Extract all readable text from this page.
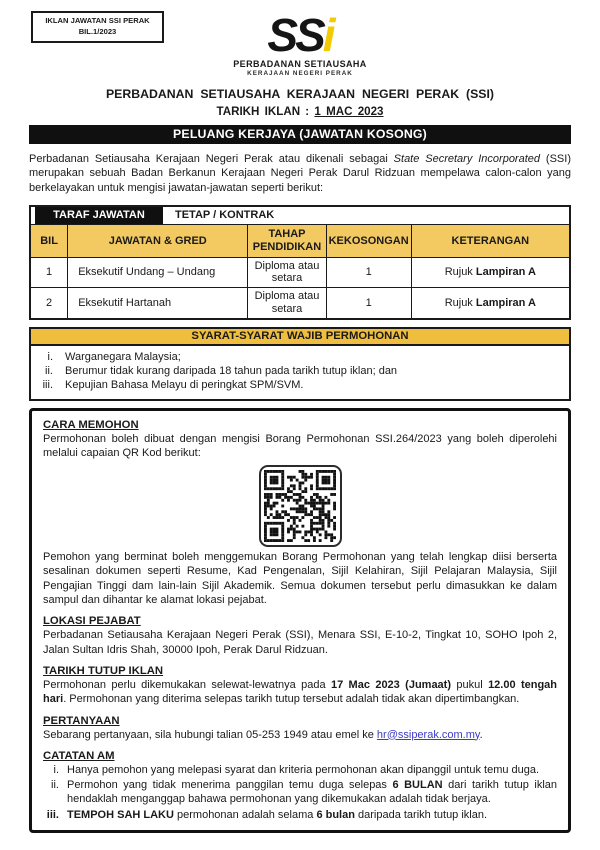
IKLAN JAWATAN SSI PERAK
BIL.1/2023	SSi
PERBADANAN SETIAUSAHA
KERAJAAN NEGERI PERAK
PERBADANAN SETIAUSAHA KERAJAAN NEGERI PERAK (SSI)
TARIKH IKLAN : 1 MAC 2023
PELUANG KERJAYA (JAWATAN KOSONG)
Perbadanan Setiausaha Kerajaan Negeri Perak atau dikenali sebagai State Secretary Incorporated (SSI) merupakan sebuah Badan Berkanun Kerajaan Negeri Perak Darul Ridzuan mempelawa calon-calon yang berkelayakan untuk mengisi jawatan-jawatan seperti berikut:
TARAF JAWATAN TETAP / KONTRAK				

BIL	JAWATAN & GRED	TAHAP PENDIDIKAN	KEKOSONGAN	KETERANGAN
1	Eksekutif Undang – Undang	Diploma atau setara	1	Rujuk Lampiran A
2	Eksekutif Hartanah	Diploma atau setara	1	Rujuk Lampiran A
SYARAT-SYARAT WAJIB PERMOHONAN
i.	Warganegara Malaysia;
ii.	Berumur tidak kurang daripada 18 tahun pada tarikh tutup iklan; dan
iii.	Kepujian Bahasa Melayu di peringkat SPM/SVM.
CARA MEMOHON
Permohonan boleh dibuat dengan mengisi Borang Permohonan SSI.264/2023 yang boleh diperolehi melalui capaian QR Kod berikut:
Pemohon yang berminat boleh menggemukan Borang Permohonan yang telah lengkap diisi berserta sesalinan dokumen seperti Resume, Kad Pengenalan, Sijil Kelahiran, Sijil Pelajaran Malaysia, Sijil Pengajian Tinggi dam lain-lain Sijil Akademik. Semua dokumen tersebut perlu dimasukkan ke dalam sampul dan dihantar ke alamat lokasi pejabat.
LOKASI PEJABAT
Perbadanan Setiausaha Kerajaan Negeri Perak (SSI), Menara SSI, E-10-2, Tingkat 10, SOHO Ipoh 2, Jalan Sultan Idris Shah, 30000 Ipoh, Perak Darul Ridzuan.
TARIKH TUTUP IKLAN
Permohonan perlu dikemukakan selewat-lewatnya pada 17 Mac 2023 (Jumaat) pukul 12.00 tengah hari. Permohonan yang diterima selepas tarikh tutup tersebut adalah tidak akan dipertimbangkan.
PERTANYAAN
Sebarang pertanyaan, sila hubungi talian 05-253 1949 atau emel ke hr@ssiperak.com.my.
CATATAN AM
i. Hanya pemohon yang melepasi syarat dan kriteria permohonan akan dipanggil untuk temu duga.
ii. Permohon yang tidak menerima panggilan temu duga selepas 6 BULAN dari tarikh tutup iklan hendaklah menganggap bahawa permohonan yang dikemukakan adalah tidak berjaya.
iii. TEMPOH SAH LAKU permohonan adalah selama 6 bulan daripada tarikh tutup iklan.
